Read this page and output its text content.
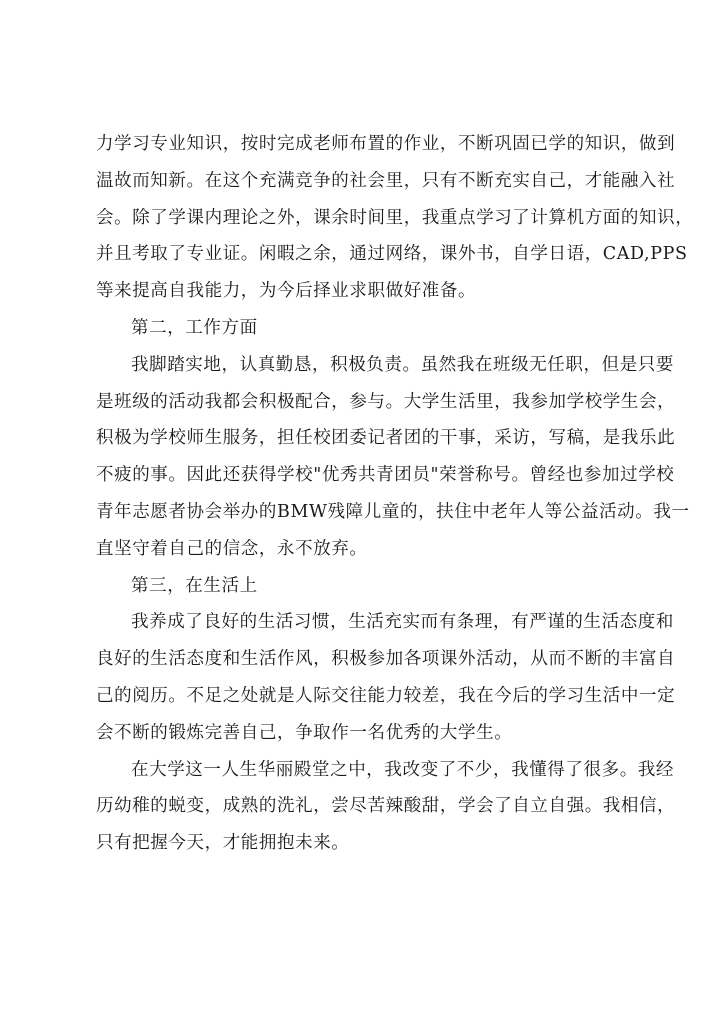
力学习专业知识，按时完成老师布置的作业，不断巩固已学的知识，做到
温故而知新。在这个充满竞争的社会里，只有不断充实自己，才能融入社
会。除了学课内理论之外，课余时间里，我重点学习了计算机方面的知识，
并且考取了专业证。闲暇之余，通过网络，课外书，自学日语，CAD,PPS
等来提高自我能力，为今后择业求职做好准备。
第二，工作方面
我脚踏实地，认真勤恳，积极负责。虽然我在班级无任职，但是只要
是班级的活动我都会积极配合，参与。大学生活里，我参加学校学生会，
积极为学校师生服务，担任校团委记者团的干事，采访，写稿，是我乐此
不疲的事。因此还获得学校"优秀共青团员"荣誉称号。曾经也参加过学校
青年志愿者协会举办的BMW残障儿童的，扶住中老年人等公益活动。我一
直坚守着自己的信念，永不放弃。
第三，在生活上
我养成了良好的生活习惯，生活充实而有条理，有严谨的生活态度和
良好的生活态度和生活作风，积极参加各项课外活动，从而不断的丰富自
己的阅历。不足之处就是人际交往能力较差，我在今后的学习生活中一定
会不断的锻炼完善自己，争取作一名优秀的大学生。
在大学这一人生华丽殿堂之中，我改变了不少，我懂得了很多。我经
历幼稚的蜕变，成熟的洗礼，尝尽苦辣酸甜，学会了自立自强。我相信，
只有把握今天，才能拥抱未来。
